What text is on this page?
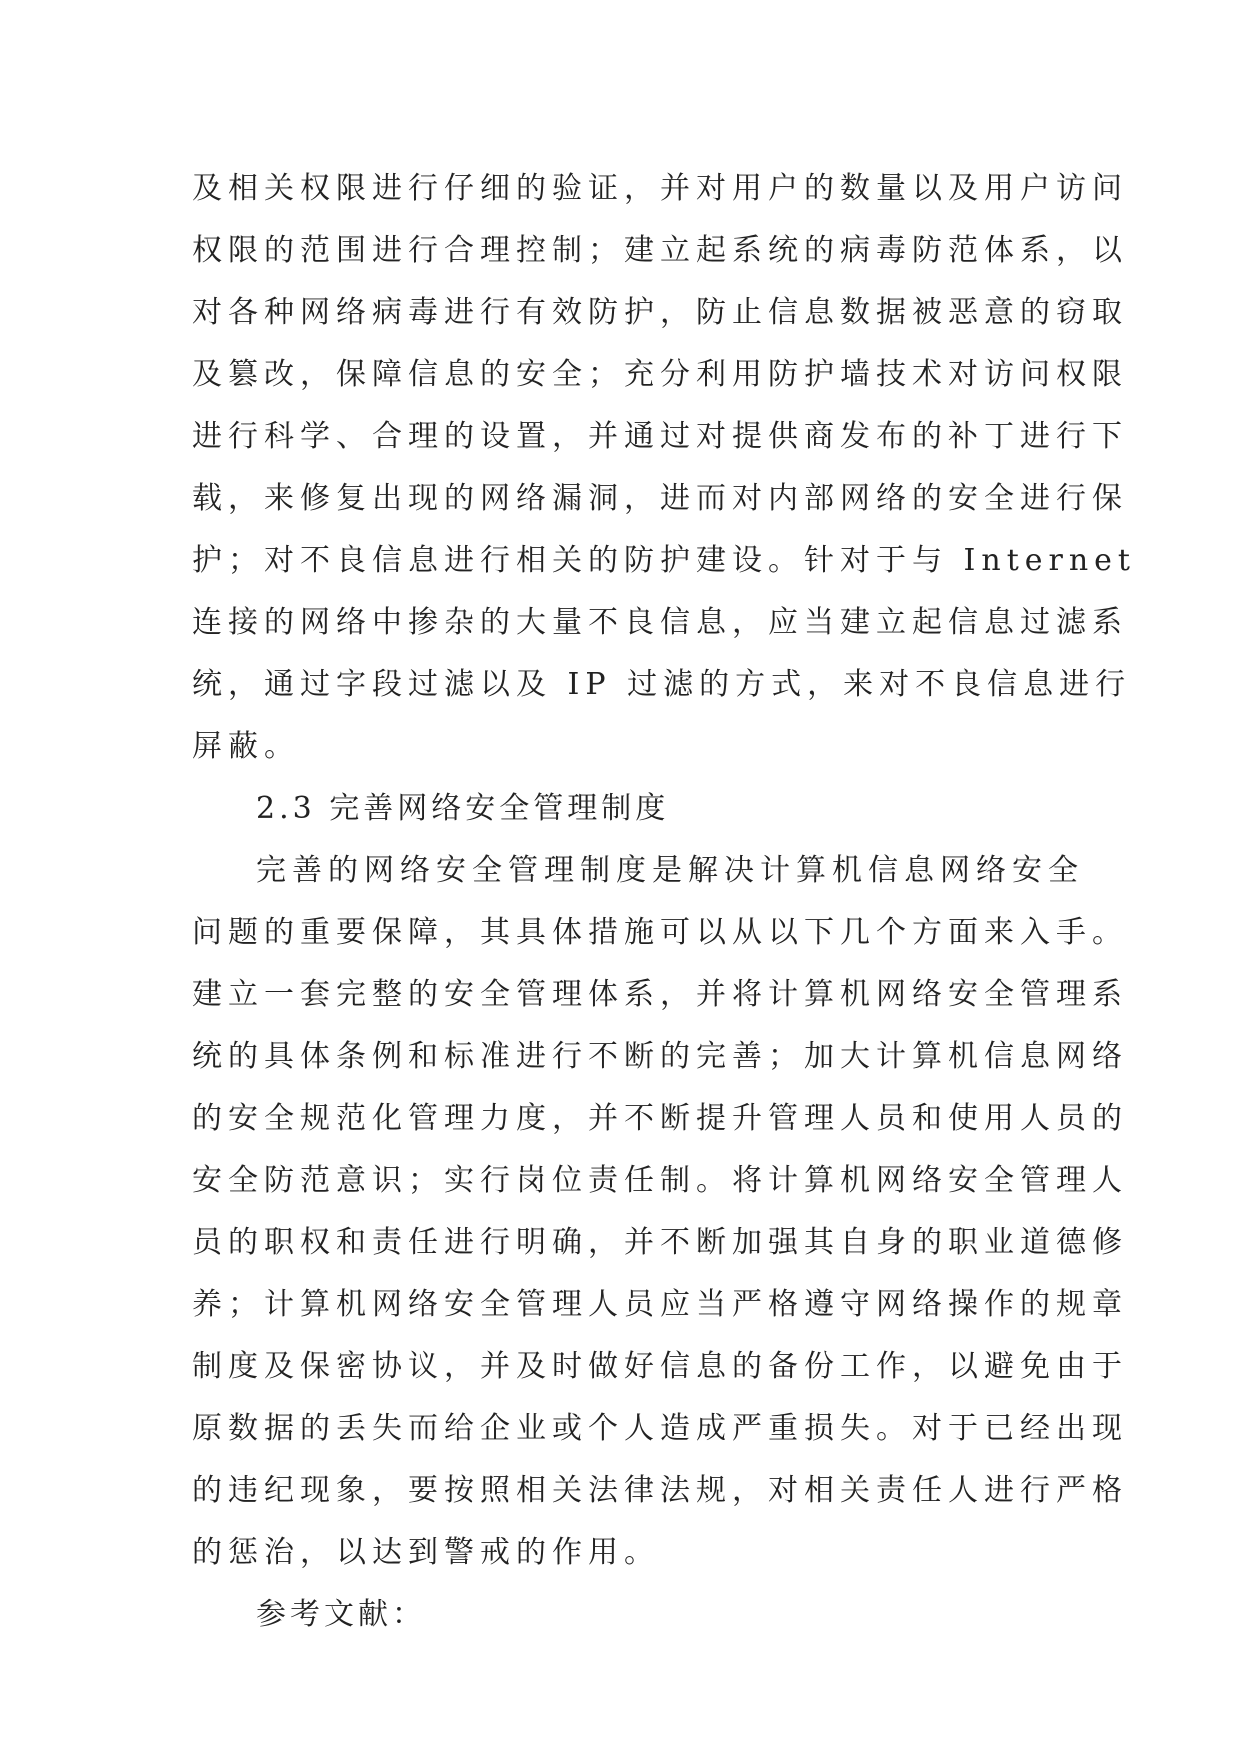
及相关权限进行仔细的验证，并对用户的数量以及用户访问
权限的范围进行合理控制；建立起系统的病毒防范体系，以
对各种网络病毒进行有效防护，防止信息数据被恶意的窃取
及篡改，保障信息的安全；充分利用防护墙技术对访问权限
进行科学、合理的设置，并通过对提供商发布的补丁进行下
载，来修复出现的网络漏洞，进而对内部网络的安全进行保
护；对不良信息进行相关的防护建设。针对于与 Internet
连接的网络中掺杂的大量不良信息，应当建立起信息过滤系
统，通过字段过滤以及 IP 过滤的方式，来对不良信息进行
屏蔽。
2.3 完善网络安全管理制度
完善的网络安全管理制度是解决计算机信息网络安全
问题的重要保障，其具体措施可以从以下几个方面来入手。
建立一套完整的安全管理体系，并将计算机网络安全管理系
统的具体条例和标准进行不断的完善；加大计算机信息网络
的安全规范化管理力度，并不断提升管理人员和使用人员的
安全防范意识；实行岗位责任制。将计算机网络安全管理人
员的职权和责任进行明确，并不断加强其自身的职业道德修
养；计算机网络安全管理人员应当严格遵守网络操作的规章
制度及保密协议，并及时做好信息的备份工作，以避免由于
原数据的丢失而给企业或个人造成严重损失。对于已经出现
的违纪现象，要按照相关法律法规，对相关责任人进行严格
的惩治，以达到警戒的作用。
参考文献：
